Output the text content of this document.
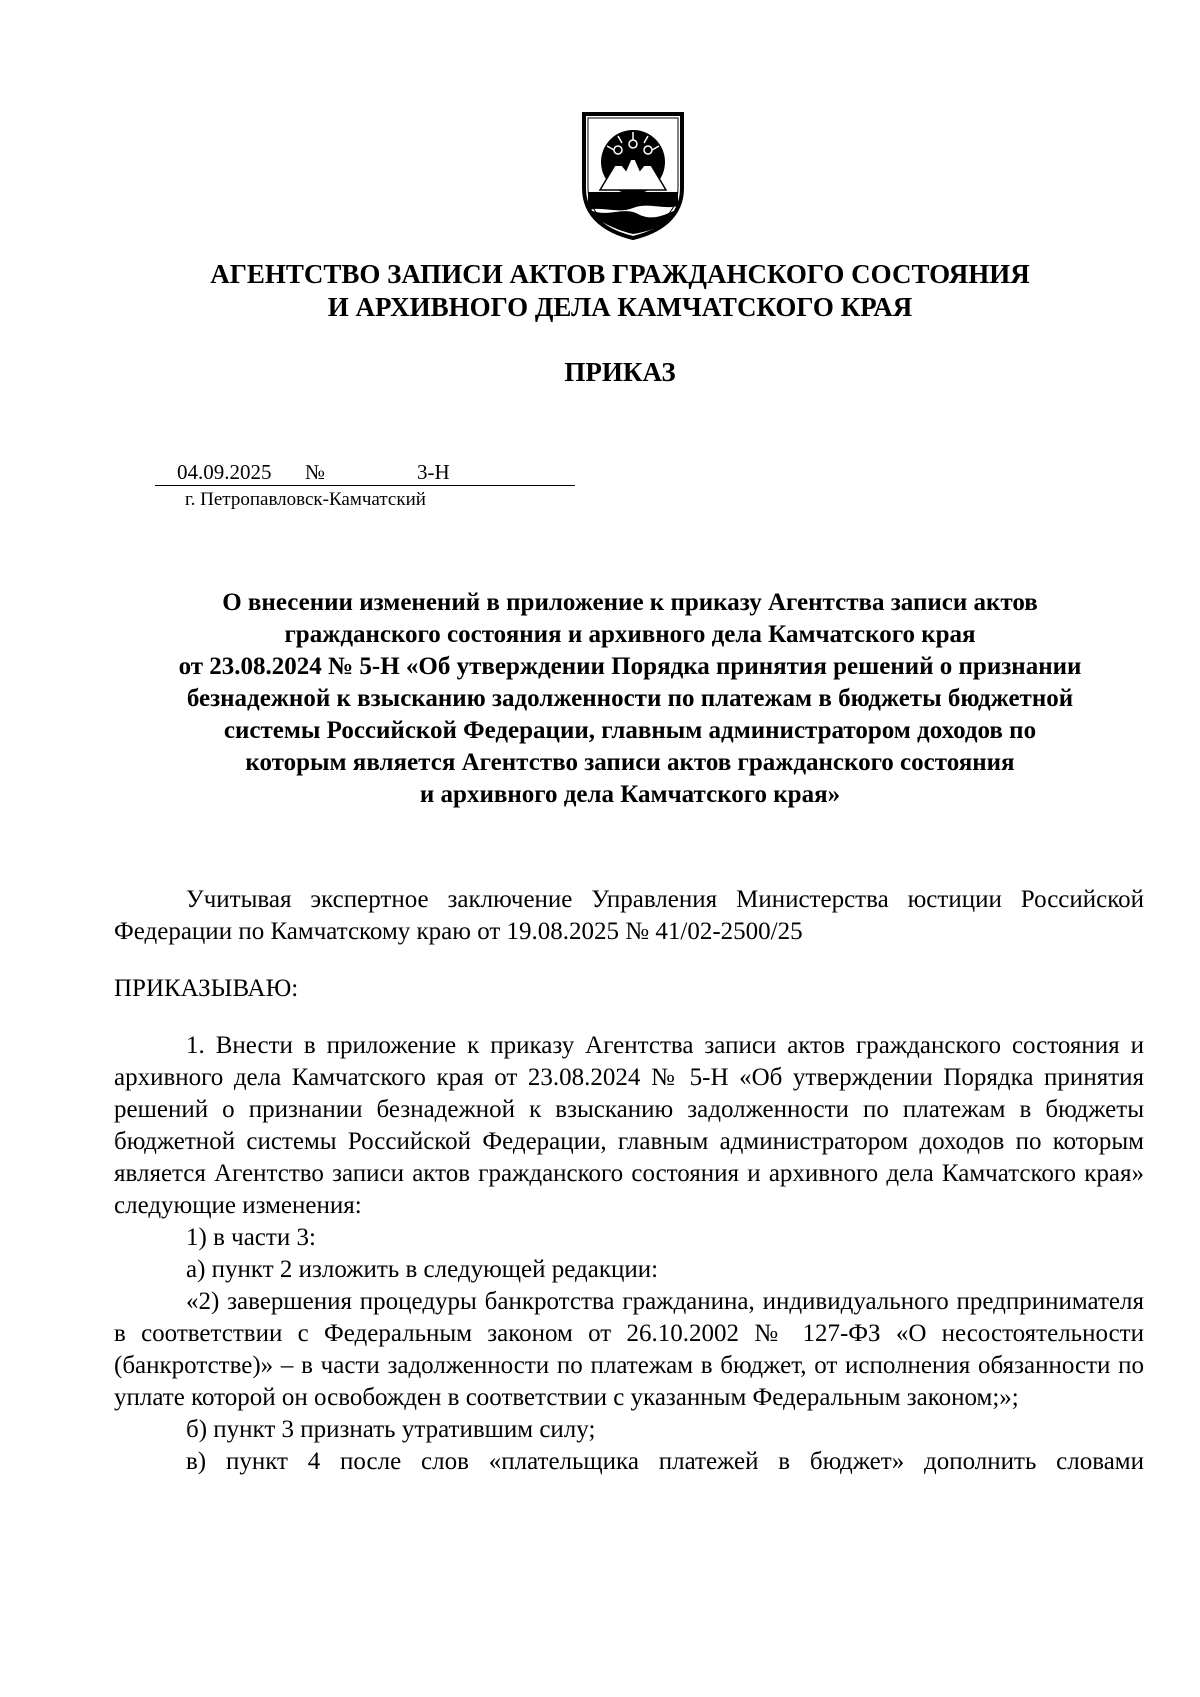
АГЕНТСТВО ЗАПИСИ АКТОВ ГРАЖДАНСКОГО СОСТОЯНИЯ
И АРХИВНОГО ДЕЛА КАМЧАТСКОГО КРАЯ
ПРИКАЗ
04.09.2025 №	3-Н
г. Петропавловск-Камчатский
О внесении изменений в приложение к приказу Агентства записи актов
гражданского состояния и архивного дела Камчатского края
от 23.08.2024 № 5-Н «Об утверждении Порядка принятия решений о признании
безнадежной к взысканию задолженности по платежам в бюджеты бюджетной
системы Российской Федерации, главным администратором доходов по
которым является Агентство записи актов гражданского состояния
и архивного дела Камчатского края»

Учитывая экспертное заключение Управления Министерства юстиции Российской Федерации по Камчатскому краю от 19.08.2025 № 41/02-2500/25

ПРИКАЗЫВАЮ:

1. Внести в приложение к приказу Агентства записи актов гражданского состояния и архивного дела Камчатского края от 23.08.2024 № 5-Н «Об утверждении Порядка принятия решений о признании безнадежной к взысканию задолженности по платежам в бюджеты бюджетной системы Российской Федерации, главным администратором доходов по которым является Агентство записи актов гражданского состояния и архивного дела Камчатского края» следующие изменения:

1) в части 3:

а) пункт 2 изложить в следующей редакции:

«2) завершения процедуры банкротства гражданина, индивидуального предпринимателя в соответствии с Федеральным законом от 26.10.2002 № 127-ФЗ «О несостоятельности (банкротстве)» – в части задолженности по платежам в бюджет, от исполнения обязанности по уплате которой он освобожден в соответствии с указанным Федеральным законом;»;

б) пункт 3 признать утратившим силу;

в) пункт 4 после слов «плательщика платежей в бюджет» дополнить словами
